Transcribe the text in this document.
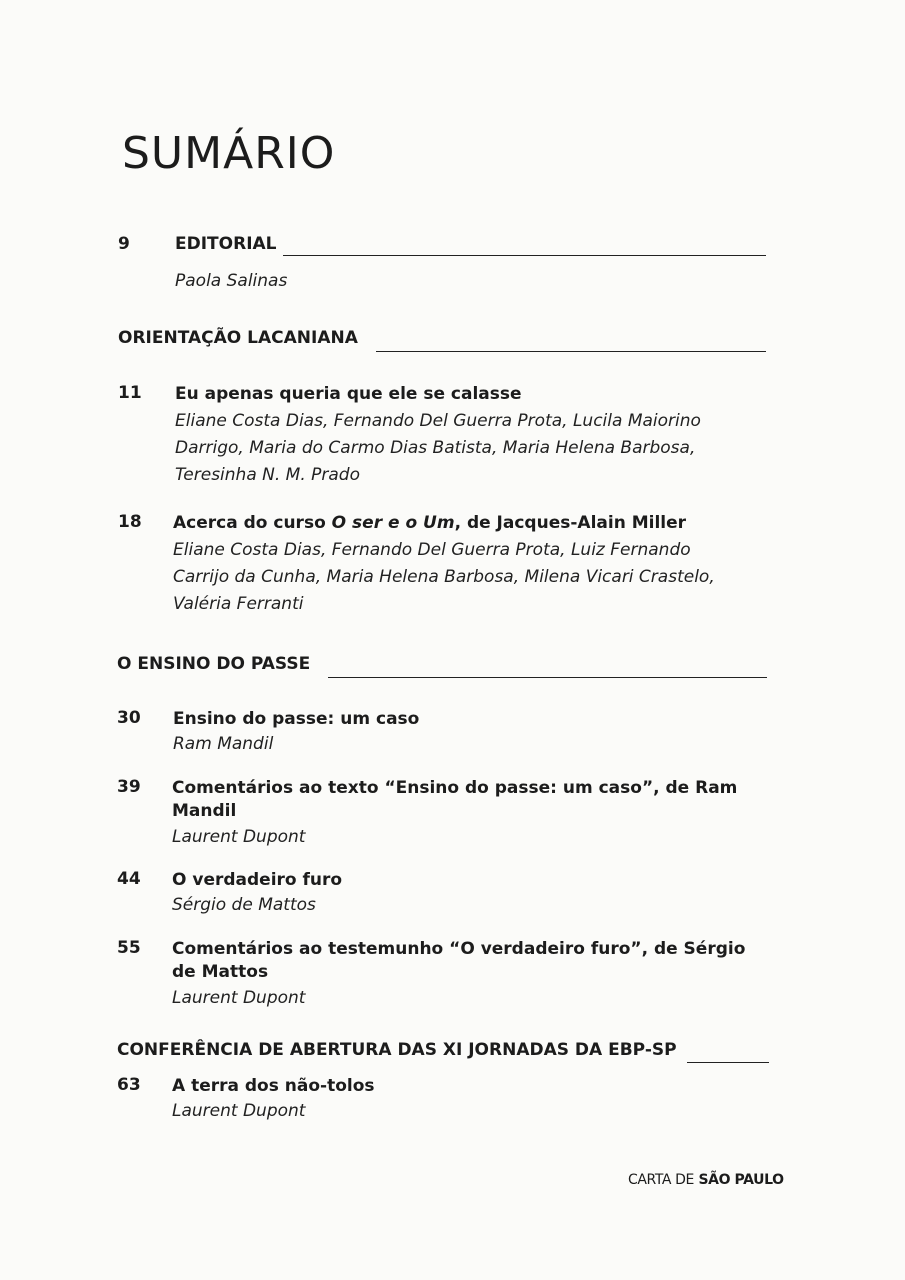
SUMÁRIO
9	EDITORIAL
Paola Salinas
ORIENTAÇÃO LACANIANA
11 Eu apenas queria que ele se calasse
Eliane Costa Dias, Fernando Del Guerra Prota, Lucila Maiorino
Darrigo, Maria do Carmo Dias Batista, Maria Helena Barbosa,
Teresinha N. M. Prado
18 Acerca do curso O ser e o Um, de Jacques-Alain Miller
Eliane Costa Dias, Fernando Del Guerra Prota, Luiz Fernando
Carrijo da Cunha, Maria Helena Barbosa, Milena Vicari Crastelo,
Valéria Ferranti
O ENSINO DO PASSE
30 Ensino do passe: um caso
Ram Mandil
39 Comentários ao texto “Ensino do passe: um caso”, de Ram
Mandil
Laurent Dupont
44 O verdadeiro furo
Sérgio de Mattos
55 Comentários ao testemunho “O verdadeiro furo”, de Sérgio
de Mattos
Laurent Dupont
CONFERÊNCIA DE ABERTURA DAS XI JORNADAS DA EBP-SP
63 A terra dos não-tolos
Laurent Dupont
CARTA DE SÃO PAULO
